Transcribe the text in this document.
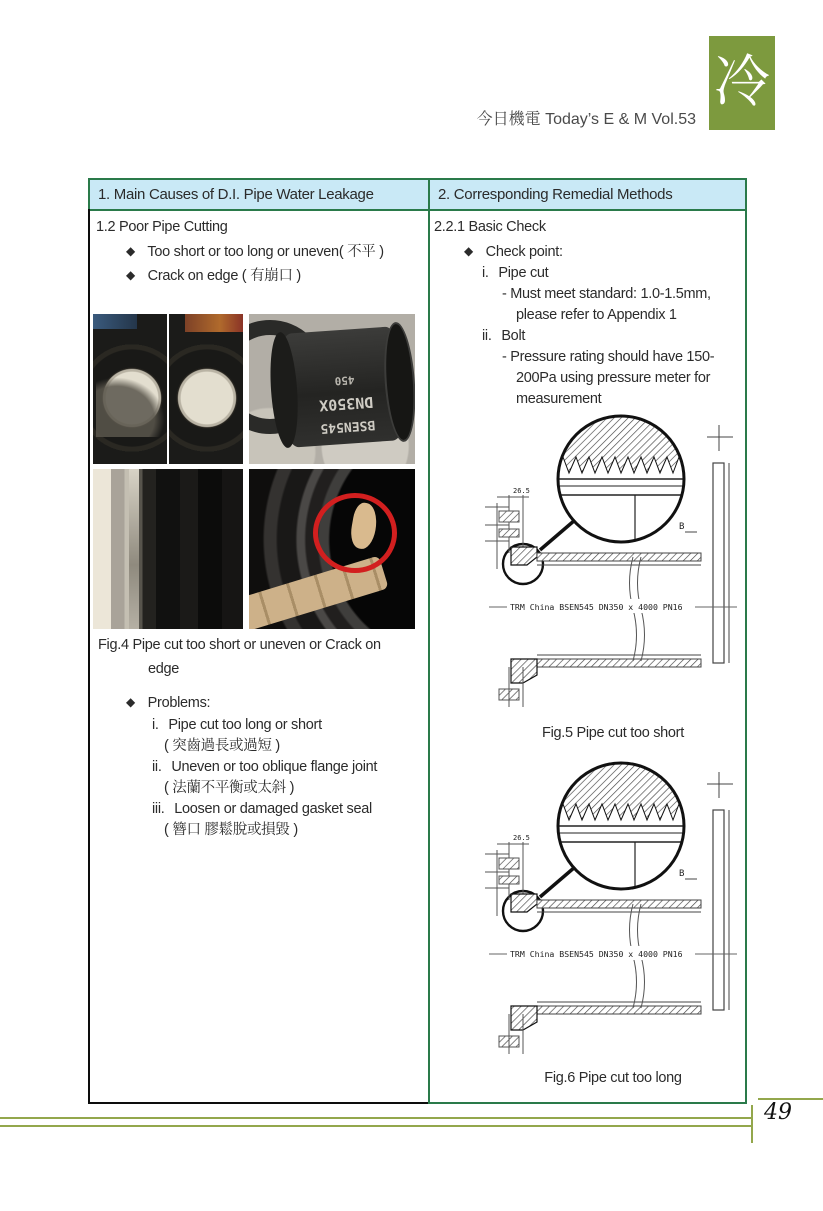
今日機電 Today’s E & M Vol.53
冷
1. Main Causes of D.I. Pipe Water Leakage	2. Corresponding Remedial Methods
1.2 Poor Pipe Cutting
◆ Too short or too long or uneven( 不平 )
◆ Crack on edge ( 有崩口 )
BSEN545
DN350X
450
Fig.4 Pipe cut too short or uneven or Crack on
edge
◆ Problems:
i. Pipe cut too long or short
( 突齒過長或過短 )
ii. Uneven or too oblique flange joint
( 法蘭不平衡或太斜 )
iii. Loosen or damaged gasket seal
( 簪口 膠鬆脫或損毀 )
2.2.1 Basic Check
◆ Check point:
i. Pipe cut
- Must meet standard: 1.0-1.5mm,
please refer to Appendix 1
ii. Bolt
- Pressure rating should have 150-
200Pa using pressure meter for
measurement
26.5
B
TRM China BSEN545 DN350 x 4000 PN16
Fig.5 Pipe cut too short
26.5
B
TRM China BSEN545 DN350 x 4000 PN16
Fig.6 Pipe cut too long
49
